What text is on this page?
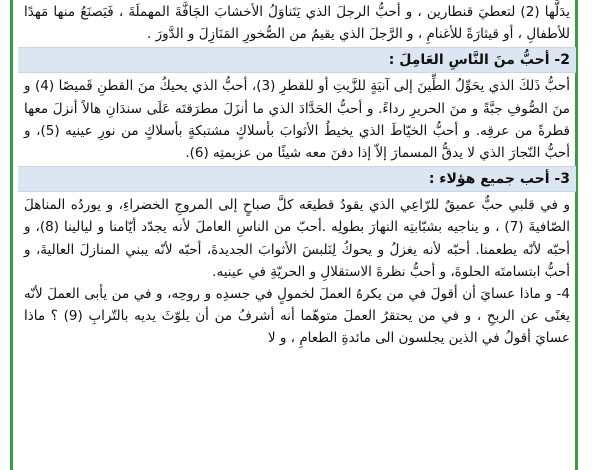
يدَلَّها (2) لتعطيَ قنطارين ، و أحبُّ الرجلَ الذي يَتَناوَلُ الأخشابَ الجَافَّةَ المهملَةَ ، فَيَصنَعُ منها مَهدًا للأطفالِ ، أو قيثارَةً للأغنامِ ، و الرَّجلَ الذي يقيمُ من الصُّخورِ المَنَازِلَ و الدَّورَ .

2- أحبُّ منَ النَّاسِ العَامِلَ :

أحبُّ ذَلكَ الذي يحَوِّلُ الطِّينَ إلى آنيَةٍ للزَّيتِ أو للقطرِ (3)، أحبُّ الذي يحيكُ منَ القطنِ قَميصًا (4) و منَ الصُّوفِ جبَّةً و منَ الحريرِ رداءً. و أحبُّ الحَدَّادَ الذي ما أنزَلَ مطرَقتَه عَلَى سندَانِ هالاً أنزلَ معها قطرةً من عرقِه. و أحبُّ الخيّاطَ الذي يخيطُ الأثوابَ بأسلاكٍ مشتبكةٍ بأسلاكٍ من نورِ عينيه (5)، و أحبُّ النّجارَ الذي لا يدقُّ المسمارَ إلاّ إذا دفنَ معه شيئًا من عزيمتِه (6).

3- أحب جميع هؤلاء :

و في قلبي حبٌّ عميقٌ للرّاعِي الذي يقودُ قطيعَه كلَّ صباحٍ إلى المروجِ الخضراءِ، و يوردُه المناهلَ الصّافيةَ (7) ، و يناجيه بشبّابتِه النهارَ بطولِه .أحبّ من الناسِ العاملَ لأنه يجدّد أيّامنا و ليالينا (8)، و أحبّه لأنّه يطعمنا. أحبّه لأنه يغزلُ و يحوكُ لِنَلبسَ الأثوابَ الجديدةَ، أحبّه لأنّه يبني المنازلَ العاليةَ، و أحبُّ ابتسامتَه الحلوةَ، و أحبُّ نظرةَ الاستقلالِ و الحريّةِ في عينيه.

4- و ماذا عسايَ أن أقولَ في من يكرهُ العملَ لخمولٍ في جسدِه و روحِه، و في من يأبى العملَ لأنّه يغنًى عن الربحِ ، و في من يحتقرُ العملَ متوهّما أنه أشرفُ من أن يلوّثَ يديه بالتّرابِ (9) ؟ ماذا عسايَ أقولُ في الذين يجلسون الى مائدةِ الطعامِ ، و لا
